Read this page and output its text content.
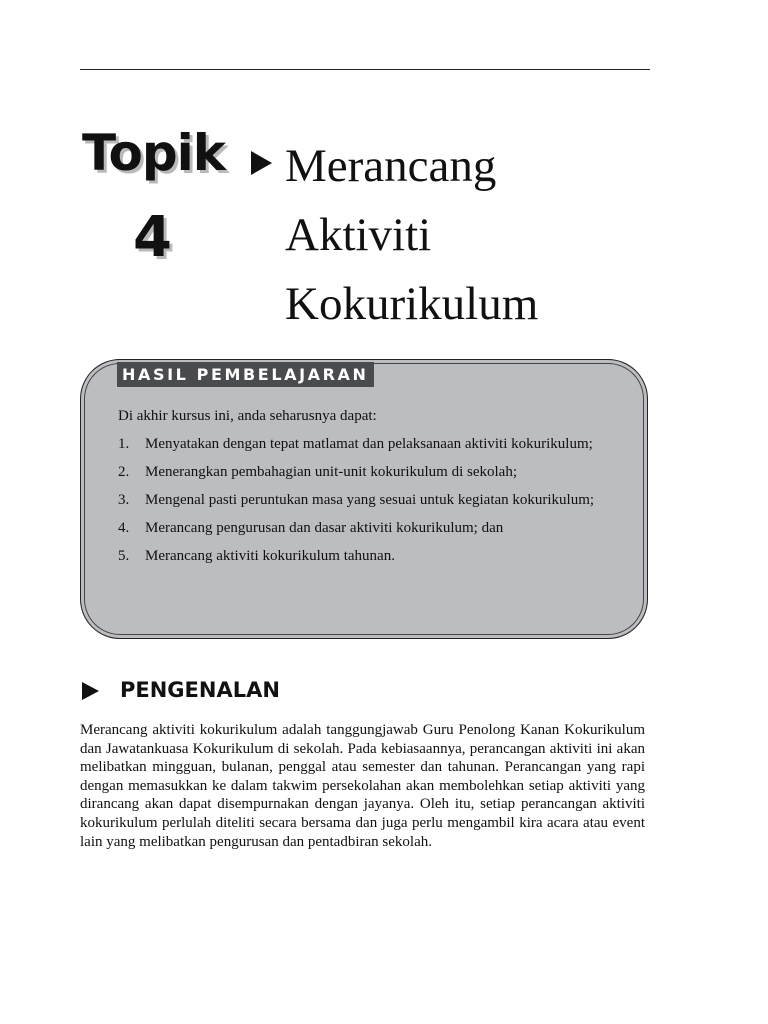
Topik
4
Merancang
Aktiviti
Kokurikulum
HASIL PEMBELAJARAN

Di akhir kursus ini, anda seharusnya dapat:

1. Menyatakan dengan tepat matlamat dan pelaksanaan aktiviti kokurikulum;
2. Menerangkan pembahagian unit-unit kokurikulum di sekolah;
3. Mengenal pasti peruntukan masa yang sesuai untuk kegiatan kokurikulum;
4. Merancang pengurusan dan dasar aktiviti kokurikulum; dan
5. Merancang aktiviti kokurikulum tahunan.
PENGENALAN

Merancang aktiviti kokurikulum adalah tanggungjawab Guru Penolong Kanan Kokurikulum dan Jawatankuasa Kokurikulum di sekolah. Pada kebiasaannya, perancangan aktiviti ini akan melibatkan mingguan, bulanan, penggal atau semester dan tahunan. Perancangan yang rapi dengan memasukkan ke dalam takwim persekolahan akan membolehkan setiap aktiviti yang dirancang akan dapat disempurnakan dengan jayanya. Oleh itu, setiap perancangan aktiviti kokurikulum perlulah diteliti secara bersama dan juga perlu mengambil kira acara atau event lain yang melibatkan pengurusan dan pentadbiran sekolah.
